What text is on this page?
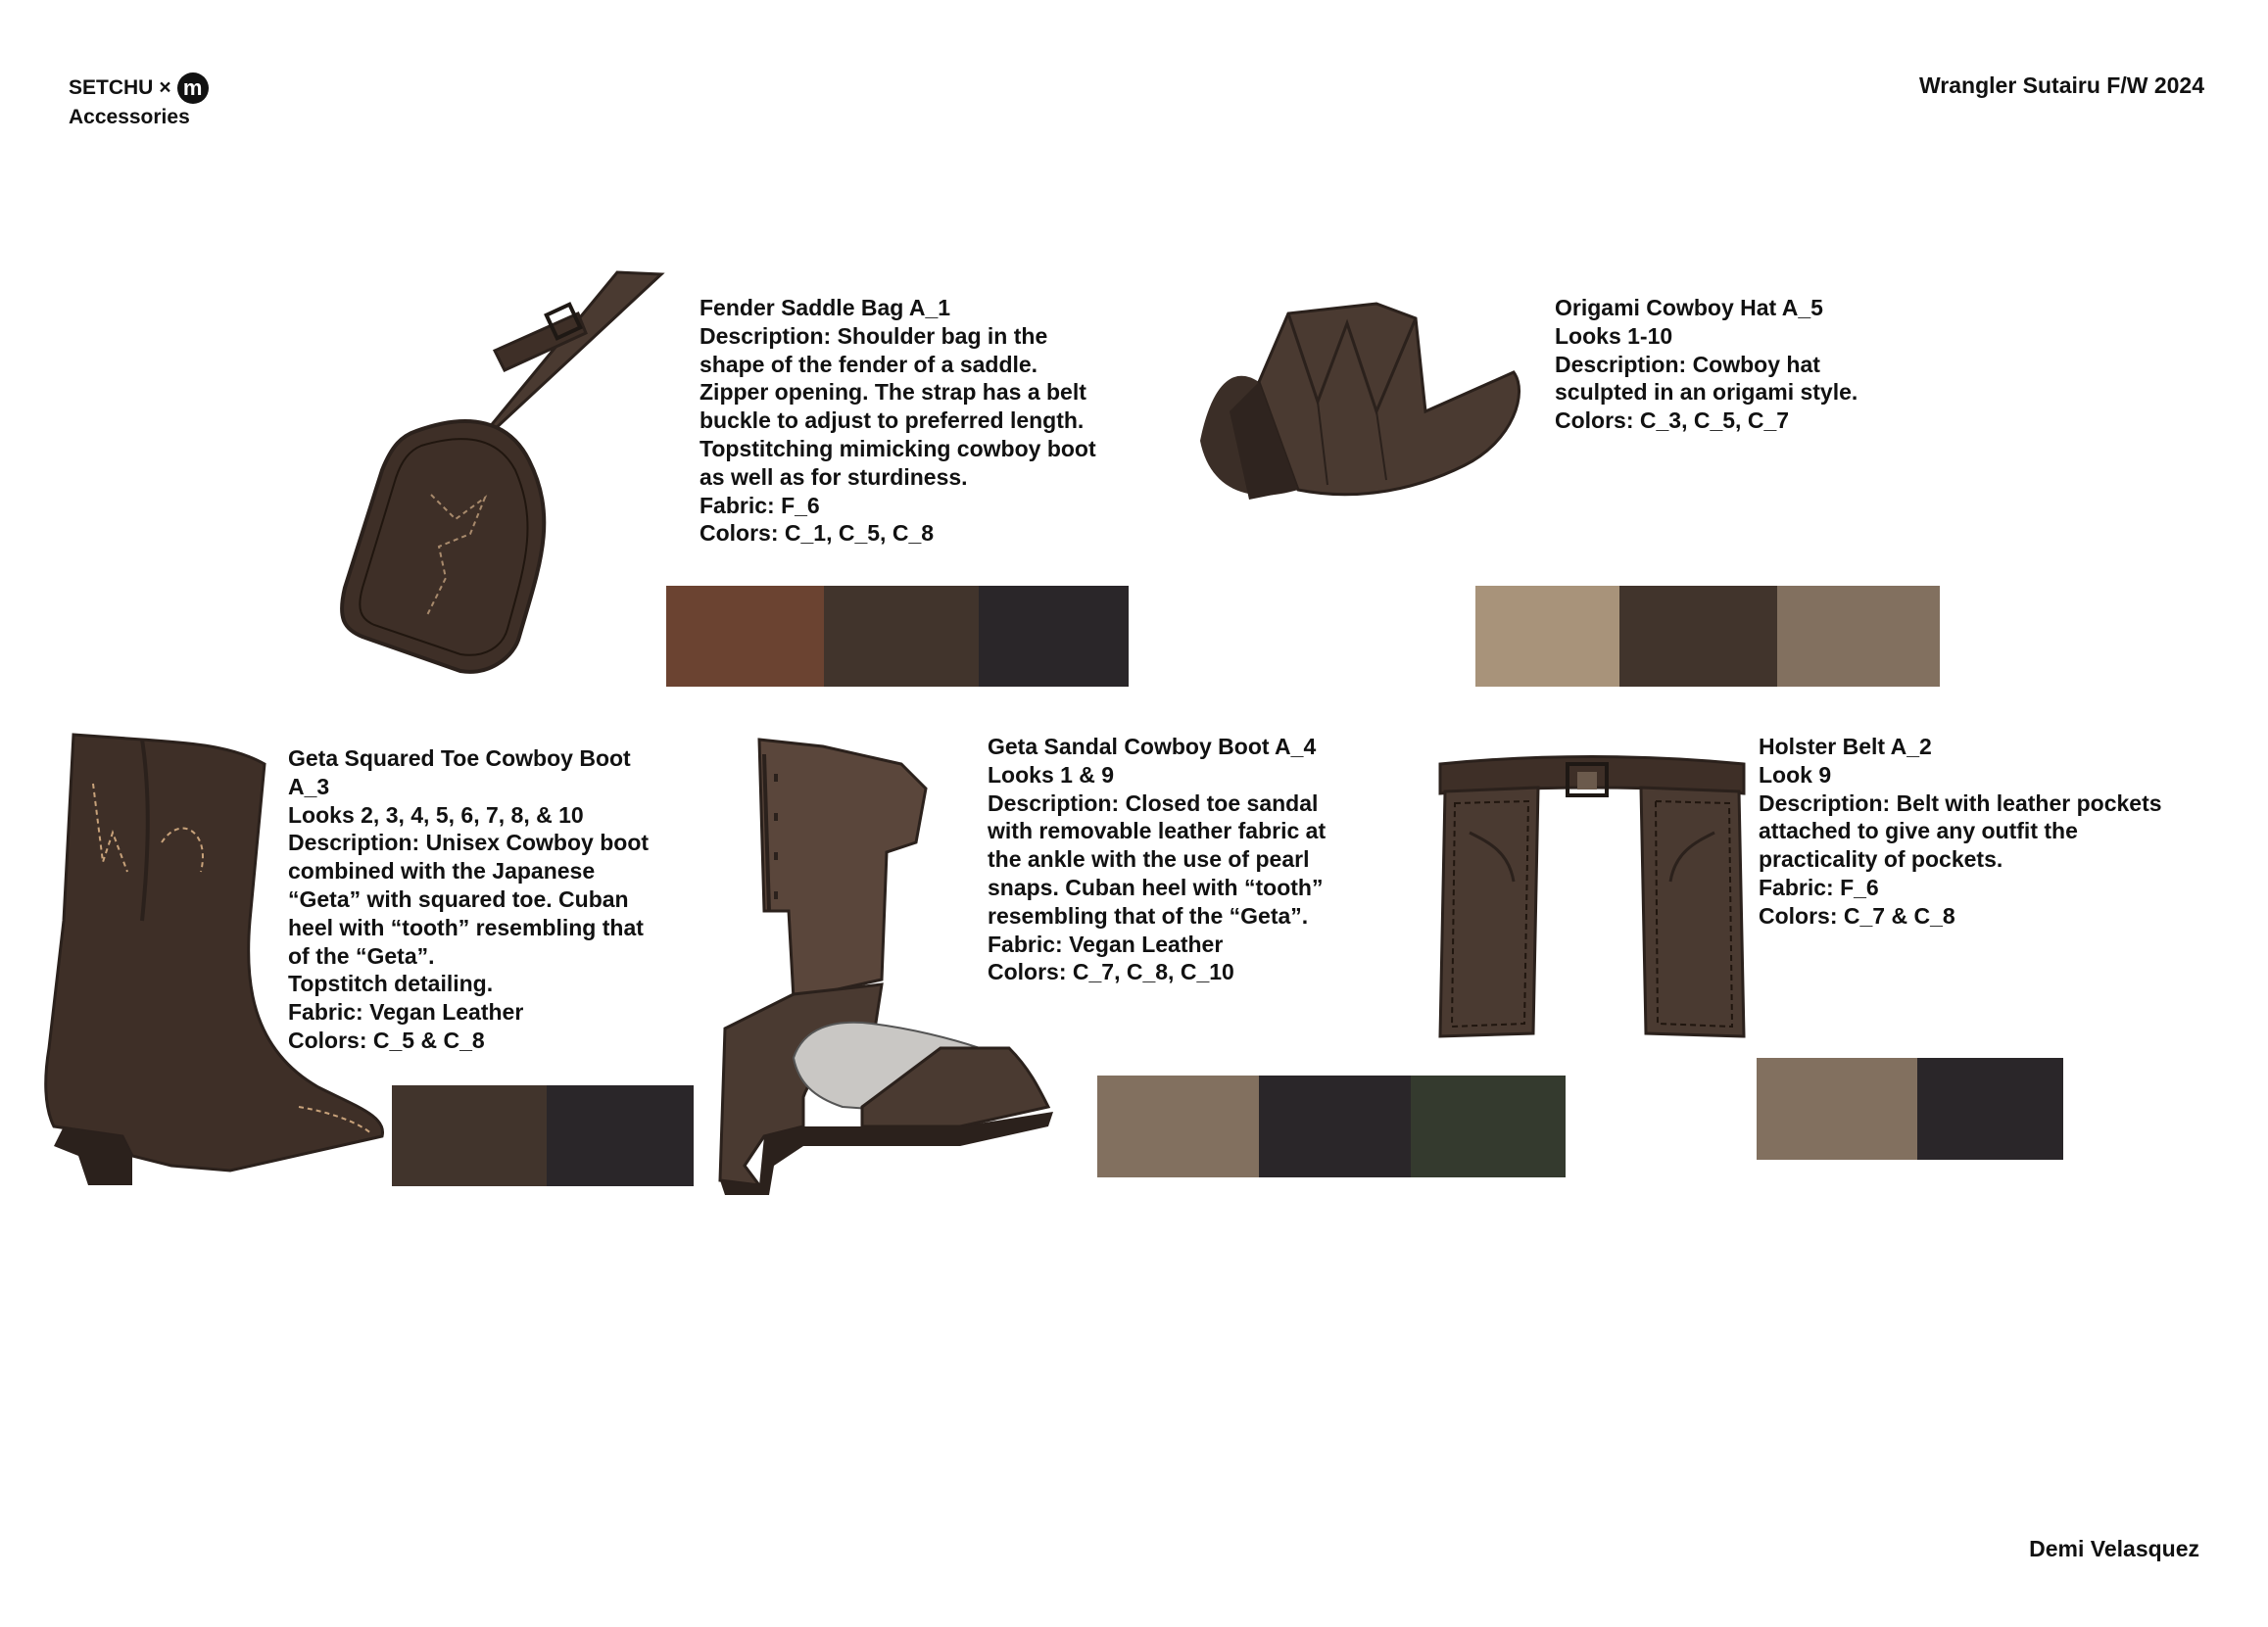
SETCHU × m
Accessories
Wrangler Sutairu F/W 2024
Fender Saddle Bag A_1
Description: Shoulder bag in the
shape of the fender of a saddle.
Zipper opening. The strap has a belt
buckle to adjust to preferred length.
Topstitching mimicking cowboy boot
as well as for sturdiness.
Fabric: F_6
Colors: C_1, C_5, C_8
Origami Cowboy Hat A_5
Looks 1-10
Description: Cowboy hat
sculpted in an origami style.
Colors: C_3, C_5, C_7
Geta Squared Toe Cowboy Boot
A_3
Looks 2, 3, 4, 5, 6, 7, 8, & 10
Description: Unisex Cowboy boot
combined with the Japanese
“Geta” with squared toe. Cuban
heel with “tooth” resembling that
of the “Geta”.
Topstitch detailing.
Fabric: Vegan Leather
Colors: C_5 & C_8
Geta Sandal Cowboy Boot A_4
Looks 1 & 9
Description: Closed toe sandal
with removable leather fabric at
the ankle with the use of pearl
snaps. Cuban heel with “tooth”
resembling that of the “Geta”.
Fabric: Vegan Leather
Colors: C_7, C_8, C_10
Holster Belt A_2
Look 9
Description: Belt with leather pockets
attached to give any outfit the
practicality of pockets.
Fabric: F_6
Colors: C_7 & C_8
Demi Velasquez
